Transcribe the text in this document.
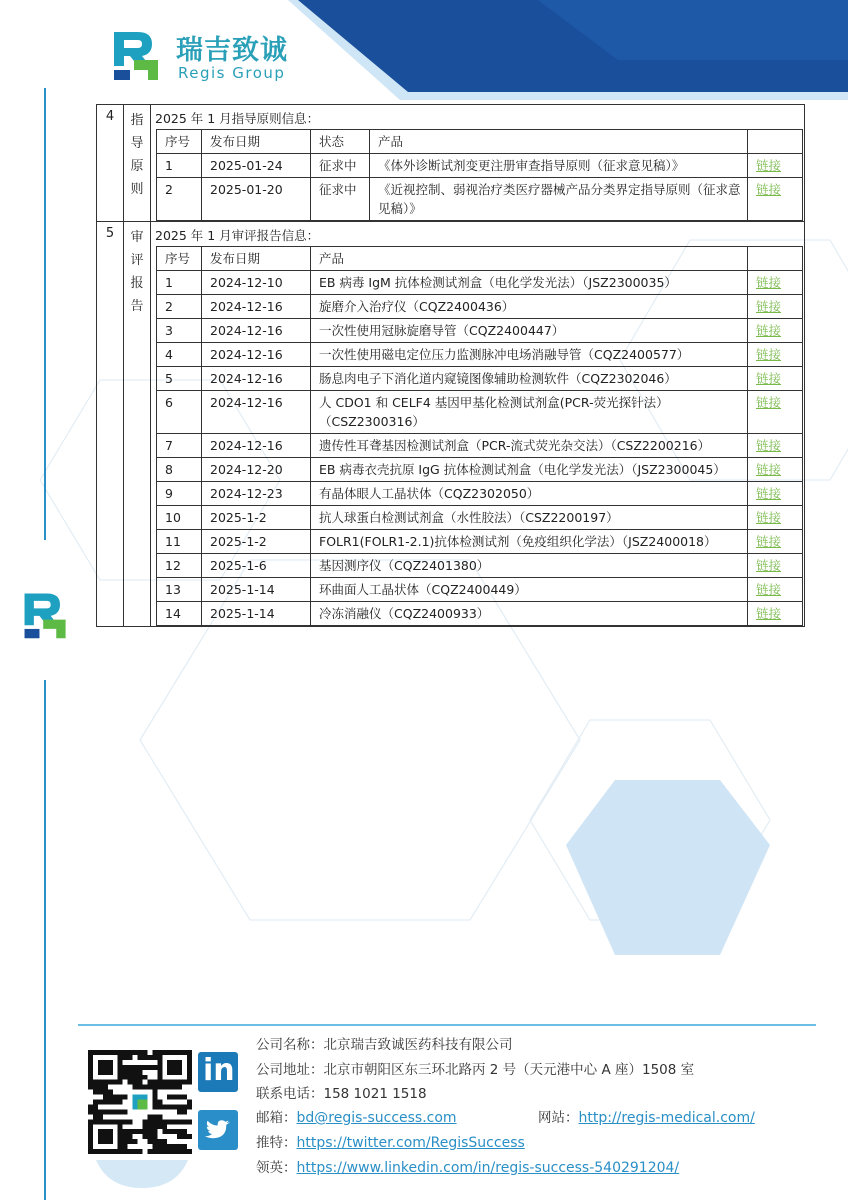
瑞吉致诚
Regis Group
4	指
导
原
则

2025 年 1 月指导原则信息：
序号	发布日期	状态	产品	
1	2025-01-24	征求中	《体外诊断试剂变更注册审查指导原则（征求意见稿）》	链接
2	2025-01-20	征求中	《近视控制、弱视治疗类医疗器械产品分类界定指导原则（征求意见稿）》	链接

5	审
评
报
告

2025 年 1 月审评报告信息：
序号	发布日期	产品	
1	2024-12-10	EB 病毒 IgM 抗体检测试剂盒（电化学发光法）（JSZ2300035）	链接
2	2024-12-16	旋磨介入治疗仪（CQZ2400436）	链接
3	2024-12-16	一次性使用冠脉旋磨导管（CQZ2400447）	链接
4	2024-12-16	一次性使用磁电定位压力监测脉冲电场消融导管（CQZ2400577）	链接
5	2024-12-16	肠息肉电子下消化道内窥镜图像辅助检测软件（CQZ2302046）	链接
6	2024-12-16	人 CDO1 和 CELF4 基因甲基化检测试剂盒(PCR-荧光探针法）（CSZ2300316）	链接
7	2024-12-16	遗传性耳聋基因检测试剂盒（PCR-流式荧光杂交法）（CSZ2200216）	链接
8	2024-12-20	EB 病毒衣壳抗原 IgG 抗体检测试剂盒（电化学发光法）（JSZ2300045）	链接
9	2024-12-23	有晶体眼人工晶状体（CQZ2302050）	链接
10	2025-1-2	抗人球蛋白检测试剂盒（水性胶法）（CSZ2200197）	链接
11	2025-1-2	FOLR1(FOLR1-2.1)抗体检测试剂（免疫组织化学法）（JSZ2400018）	链接
12	2025-1-6	基因测序仪（CQZ2401380）	链接
13	2025-1-14	环曲面人工晶状体（CQZ2400449）	链接
14	2025-1-14	冷冻消融仪（CQZ2400933）	链接
in
公司名称：北京瑞吉致诚医药科技有限公司
公司地址：北京市朝阳区东三环北路丙 2 号（天元港中心 A 座）1508 室
联系电话：158 1021 1518
邮箱：bd@regis-success.com	网站：http://regis-medical.com/
推特：https://twitter.com/RegisSuccess
领英：https://www.linkedin.com/in/regis-success-540291204/
